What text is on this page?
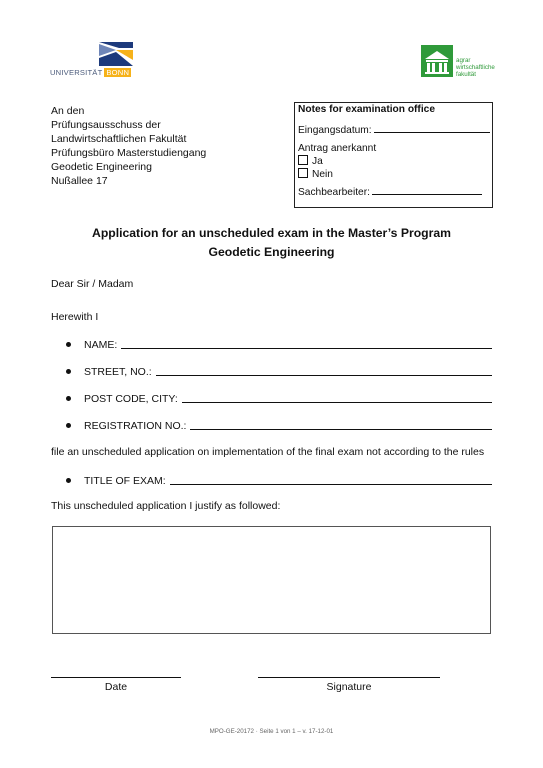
UNIVERSITÄT BONN
agrar
wirtschaftliche
fakultät
An den
Prüfungsausschuss der
Landwirtschaftlichen Fakultät
Prüfungsbüro Masterstudiengang
Geodetic Engineering
Nußallee 17
Notes for examination office
Eingangsdatum:
Antrag anerkannt
Ja
Nein
Sachbearbeiter:
Application for an unscheduled exam in the Master’s Program
Geodetic Engineering
Dear Sir / Madam
Herewith I
NAME:
STREET, NO.:
POST CODE, CITY:
REGISTRATION NO.:
file an unscheduled application on implementation of the final exam not according to the rules
TITLE OF EXAM:
This unscheduled application I justify as followed:
Date	Signature
MPO-GE-20172 · Seite 1 von 1 – v. 17-12-01
